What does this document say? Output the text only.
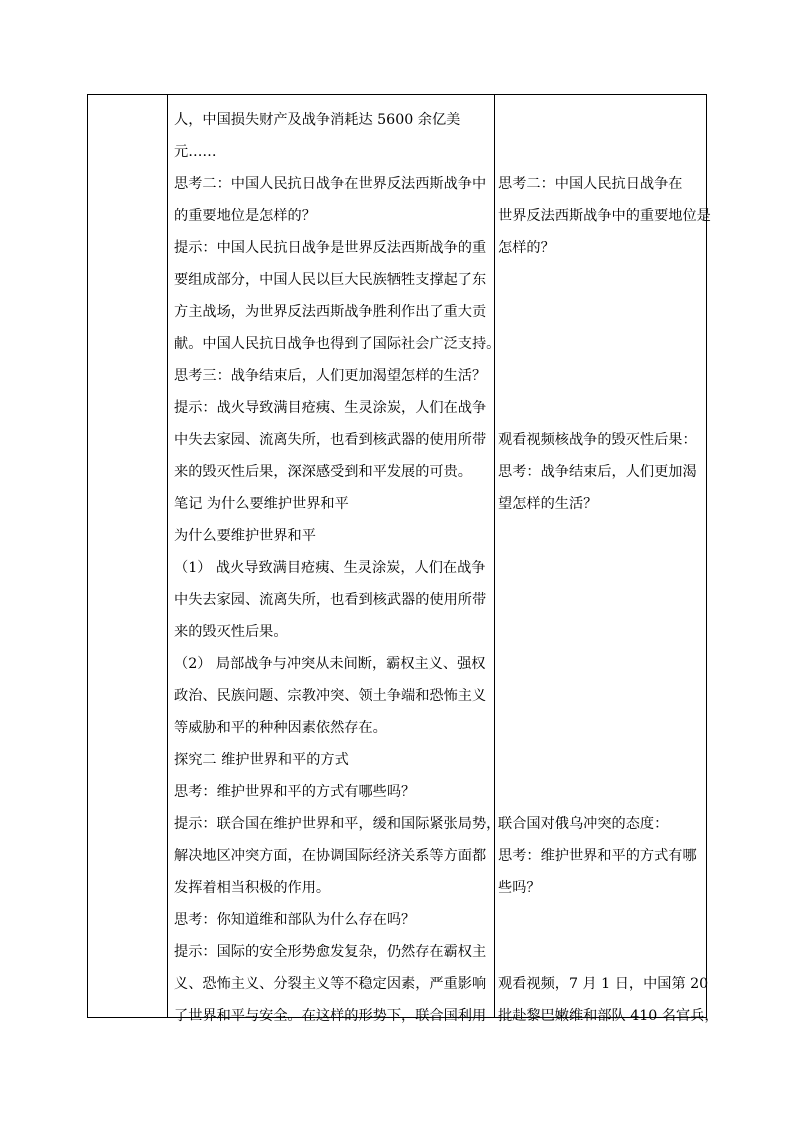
人，中国损失财产及战争消耗达 5600 余亿美
元……
思考二：中国人民抗日战争在世界反法西斯战争中
的重要地位是怎样的？
提示：中国人民抗日战争是世界反法西斯战争的重
要组成部分，中国人民以巨大民族牺牲支撑起了东
方主战场，为世界反法西斯战争胜利作出了重大贡
献。中国人民抗日战争也得到了国际社会广泛支持。
思考三：战争结束后，人们更加渴望怎样的生活？
提示：战火导致满目疮痍、生灵涂炭，人们在战争
中失去家园、流离失所，也看到核武器的使用所带
来的毁灭性后果，深深感受到和平发展的可贵。
笔记 为什么要维护世界和平
为什么要维护世界和平
（1） 战火导致满目疮痍、生灵涂炭，人们在战争
中失去家园、流离失所，也看到核武器的使用所带
来的毁灭性后果。
（2） 局部战争与冲突从未间断，霸权主义、强权
政治、民族问题、宗教冲突、领土争端和恐怖主义
等威胁和平的种种因素依然存在。
探究二 维护世界和平的方式
思考：维护世界和平的方式有哪些吗？
提示：联合国在维护世界和平，缓和国际紧张局势，
解决地区冲突方面，在协调国际经济关系等方面都
发挥着相当积极的作用。
思考：你知道维和部队为什么存在吗？
提示：国际的安全形势愈发复杂，仍然存在霸权主
义、恐怖主义、分裂主义等不稳定因素，严重影响
了世界和平与安全。在这样的形势下，联合国利用
思考二：中国人民抗日战争在
世界反法西斯战争中的重要地位是
怎样的？
观看视频核战争的毁灭性后果：
思考：战争结束后，人们更加渴
望怎样的生活？
联合国对俄乌冲突的态度：
思考：维护世界和平的方式有哪
些吗？
观看视频，7 月 1 日，中国第 20
批赴黎巴嫩维和部队 410 名官兵，
